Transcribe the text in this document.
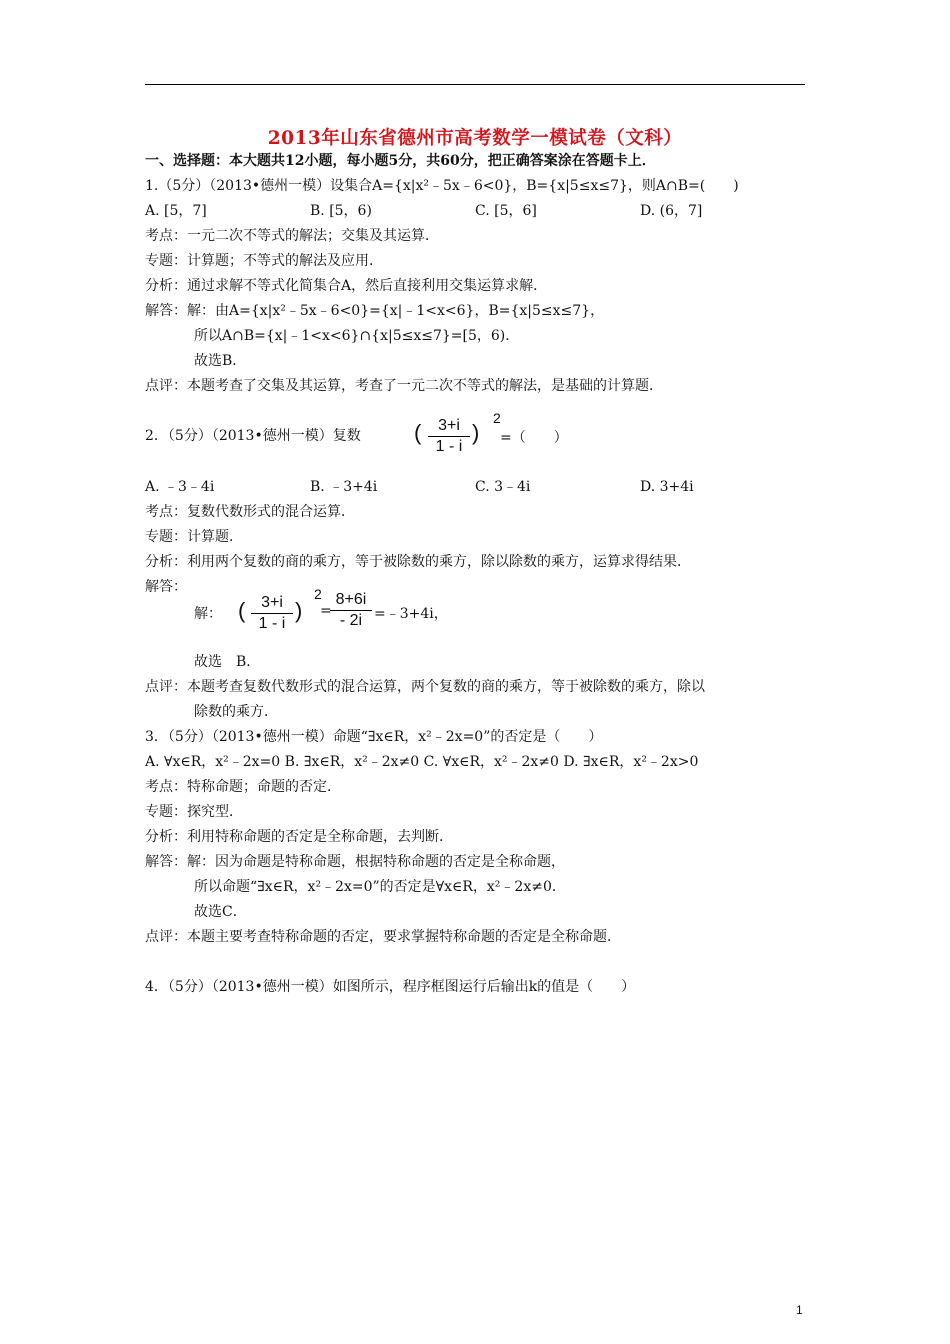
2013年山东省德州市高考数学一模试卷（文科）
一、选择题：本大题共12小题，每小题5分，共60分，把正确答案涂在答题卡上．
1.（5分）（2013•德州一模）设集合A={x|x²﹣5x﹣6<0}，B={x|5≤x≤7}，则A∩B=(　　)
A. [5，7]	B. [5，6)	C. [5，6]	D. (6，7]
考点：一元二次不等式的解法；交集及其运算．
专题：计算题；不等式的解法及应用．
分析：通过求解不等式化简集合A，然后直接利用交集运算求解．
解答：解：由A={x|x²﹣5x﹣6<0}={x|﹣1<x<6}，B={x|5≤x≤7}，
所以A∩B={x|﹣1<x<6}∩{x|5≤x≤7}=[5，6)．
故选B．
点评：本题考查了交集及其运算，考查了一元二次不等式的解法，是基础的计算题．
2．（5分）（2013•德州一模）复数 (	3+i
1 - i
)
2
=（　　）
A. ﹣3﹣4i	B. ﹣3+4i	C. 3﹣4i	D. 3+4i
考点：复数代数形式的混合运算．
专题：计算题．
分析：利用两个复数的商的乘方，等于被除数的乘方，除以除数的乘方，运算求得结果．
解答：
解： ( 3+i
1 - i
)
2
=
8+6i
- 2i =﹣3+4i，
故选　B．
点评：本题考查复数代数形式的混合运算，两个复数的商的乘方，等于被除数的乘方，除以
除数的乘方．
3．（5分）（2013•德州一模）命题“∃x∈R，x²﹣2x=0”的否定是（　　）
A. ∀x∈R，x²﹣2x=0 B. ∃x∈R，x²﹣2x≠0 C. ∀x∈R，x²﹣2x≠0 D. ∃x∈R，x²﹣2x>0
考点：特称命题；命题的否定．
专题：探究型．
分析：利用特称命题的否定是全称命题，去判断．
解答：解：因为命题是特称命题，根据特称命题的否定是全称命题，
所以命题“∃x∈R，x²﹣2x=0”的否定是∀x∈R，x²﹣2x≠0．
故选C．
点评：本题主要考查特称命题的否定，要求掌握特称命题的否定是全称命题．
4．（5分）（2013•德州一模）如图所示，程序框图运行后输出k的值是（　　）
1
